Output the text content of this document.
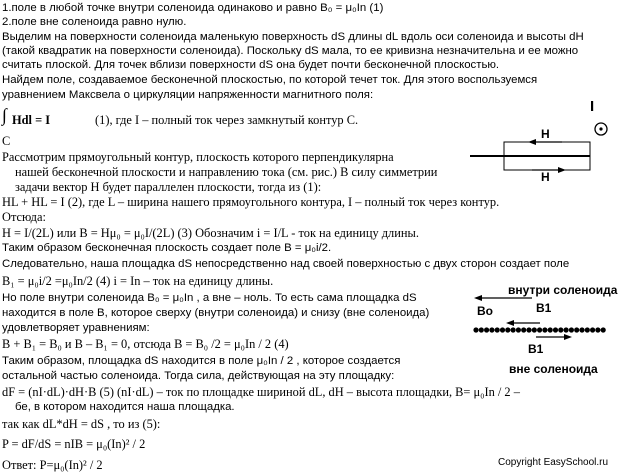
1.поле в любой точке внутри соленоида одинаково и равно B₀ = μ₀In (1)
2.поле вне соленоида равно нулю.
Выделим на поверхности соленоида маленькую поверхность dS длины dL вдоль оси соленоида и высоты dH
(такой квадратик на поверхности соленоида). Поскольку dS мала, то ее кривизна незначительна и ее можно
считать плоской. Для точек вблизи поверхности dS она будет почти бесконечной плоскостью.
Найдем поле, создаваемое бесконечной плоскостью, по которой течет ток. Для этого воспользуемся
уравнением Максвела о циркуляции напряженности магнитного поля:
∫ Hdl = I	(1), где I – полный ток через замкнутый контур С.
С
Рассмотрим прямоугольный контур, плоскость которого перпендикулярна
нашей бесконечной плоскости и направлению тока (см. рис.) В силу симметрии
задачи вектор H будет параллелен плоскости, тогда из (1):
HL + HL = I (2), где L – ширина нашего прямоугольного контура, I – полный ток через контур.
Отсюда:
H = I/(2L) или B = Hμ₀ = μ₀I/(2L) (3) Обозначим i = I/L - ток на единицу длины.
Таким образом бесконечная плоскость создает поле B = μ₀i/2.
Следовательно, наша площадка dS непосредственно над своей поверхностью с двух сторон создает поле
B₁ = μ₀i/2 =μ₀In/2 (4) i = In – ток на единицу длины.
Но поле внутри соленоида B₀ = μ₀In , а вне – ноль. То есть сама площадка dS
находится в поле B, которое сверху (внутри соленоида) и снизу (вне соленоида)
удовлетворяет уравнениям:
B + B₁ = B₀ и B – B₁ = 0, отсюда B = B₀ /2 = μ₀In / 2 (4)
Таким образом, площадка dS находится в поле μ₀In / 2 , которое создается
остальной частью соленоида. Тогда сила, действующая на эту площадку:
dF = (nI·dL)·dH·B (5) (nI·dL) – ток по площадке шириной dL, dH – высота площадки, B= μ₀In / 2 –
бе, в котором находится наша площадка.
так как dL*dH = dS , то из (5):
P = dF/dS = nIB = μ₀(In)² / 2
Ответ: P=μ₀(In)² / 2
I
H
H
внутри соленоида
Bo	B1
B1
вне соленоида
Copyright EasySchool.ru
